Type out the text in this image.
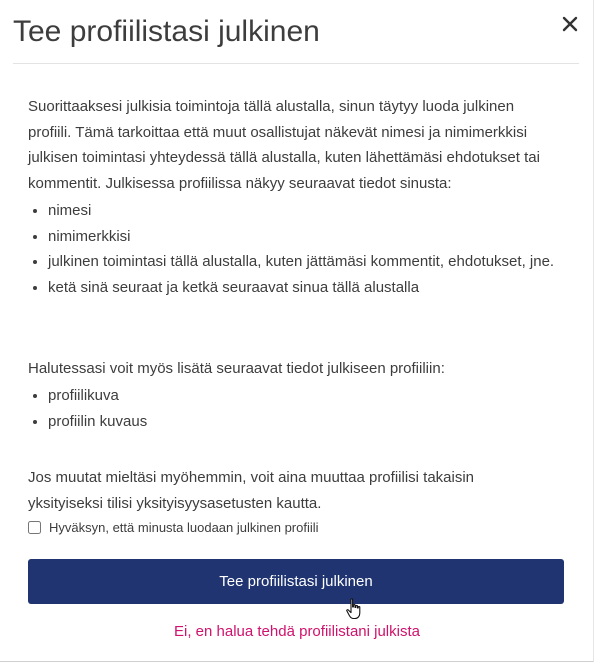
Tee profiilistasi julkinen

Suorittaaksesi julkisia toimintoja tällä alustalla, sinun täytyy luoda julkinen profiili. Tämä tarkoittaa että muut osallistujat näkevät nimesi ja nimimerkkisi julkisen toimintasi yhteydessä tällä alustalla, kuten lähettämäsi ehdotukset tai kommentit. Julkisessa profiilissa näkyy seuraavat tiedot sinusta:

• nimesi
• nimimerkkisi
• julkinen toimintasi tällä alustalla, kuten jättämäsi kommentit, ehdotukset, jne.
• ketä sinä seuraat ja ketkä seuraavat sinua tällä alustalla

Halutessasi voit myös lisätä seuraavat tiedot julkiseen profiiliin:

• profiilikuva
• profiilin kuvaus

Jos muutat mieltäsi myöhemmin, voit aina muuttaa profiilisi takaisin yksityiseksi tilisi yksityisyysasetusten kautta.

Hyväksyn, että minusta luodaan julkinen profiili
Tee profiilistasi julkinen
Ei, en halua tehdä profiilistani julkista
